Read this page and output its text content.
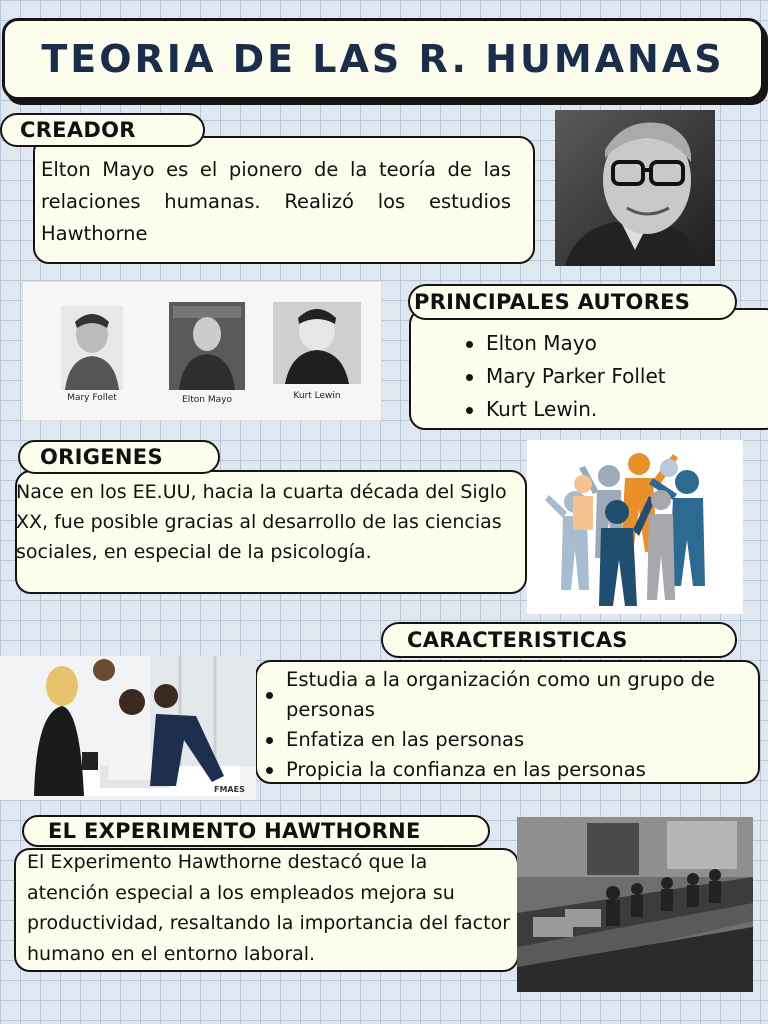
TEORIA DE LAS R. HUMANAS
CREADOR
Elton Mayo es el pionero de la teoría de las relaciones humanas. Realizó los estudios Hawthorne
Mary Follet	Elton Mayo	Kurt Lewin
PRINCIPALES AUTORES
Elton Mayo
Mary Parker Follet
Kurt Lewin.
ORIGENES
Nace en los EE.UU, hacia la cuarta década del Siglo XX, fue posible gracias al desarrollo de las ciencias sociales, en especial de la psicología.
CARACTERISTICAS
Estudia a la organización como un grupo de personas
Enfatiza en las personas
Propicia la confianza en las personas
FMAES
EL EXPERIMENTO HAWTHORNE
El Experimento Hawthorne destacó que la atención especial a los empleados mejora su productividad, resaltando la importancia del factor humano en el entorno laboral.
